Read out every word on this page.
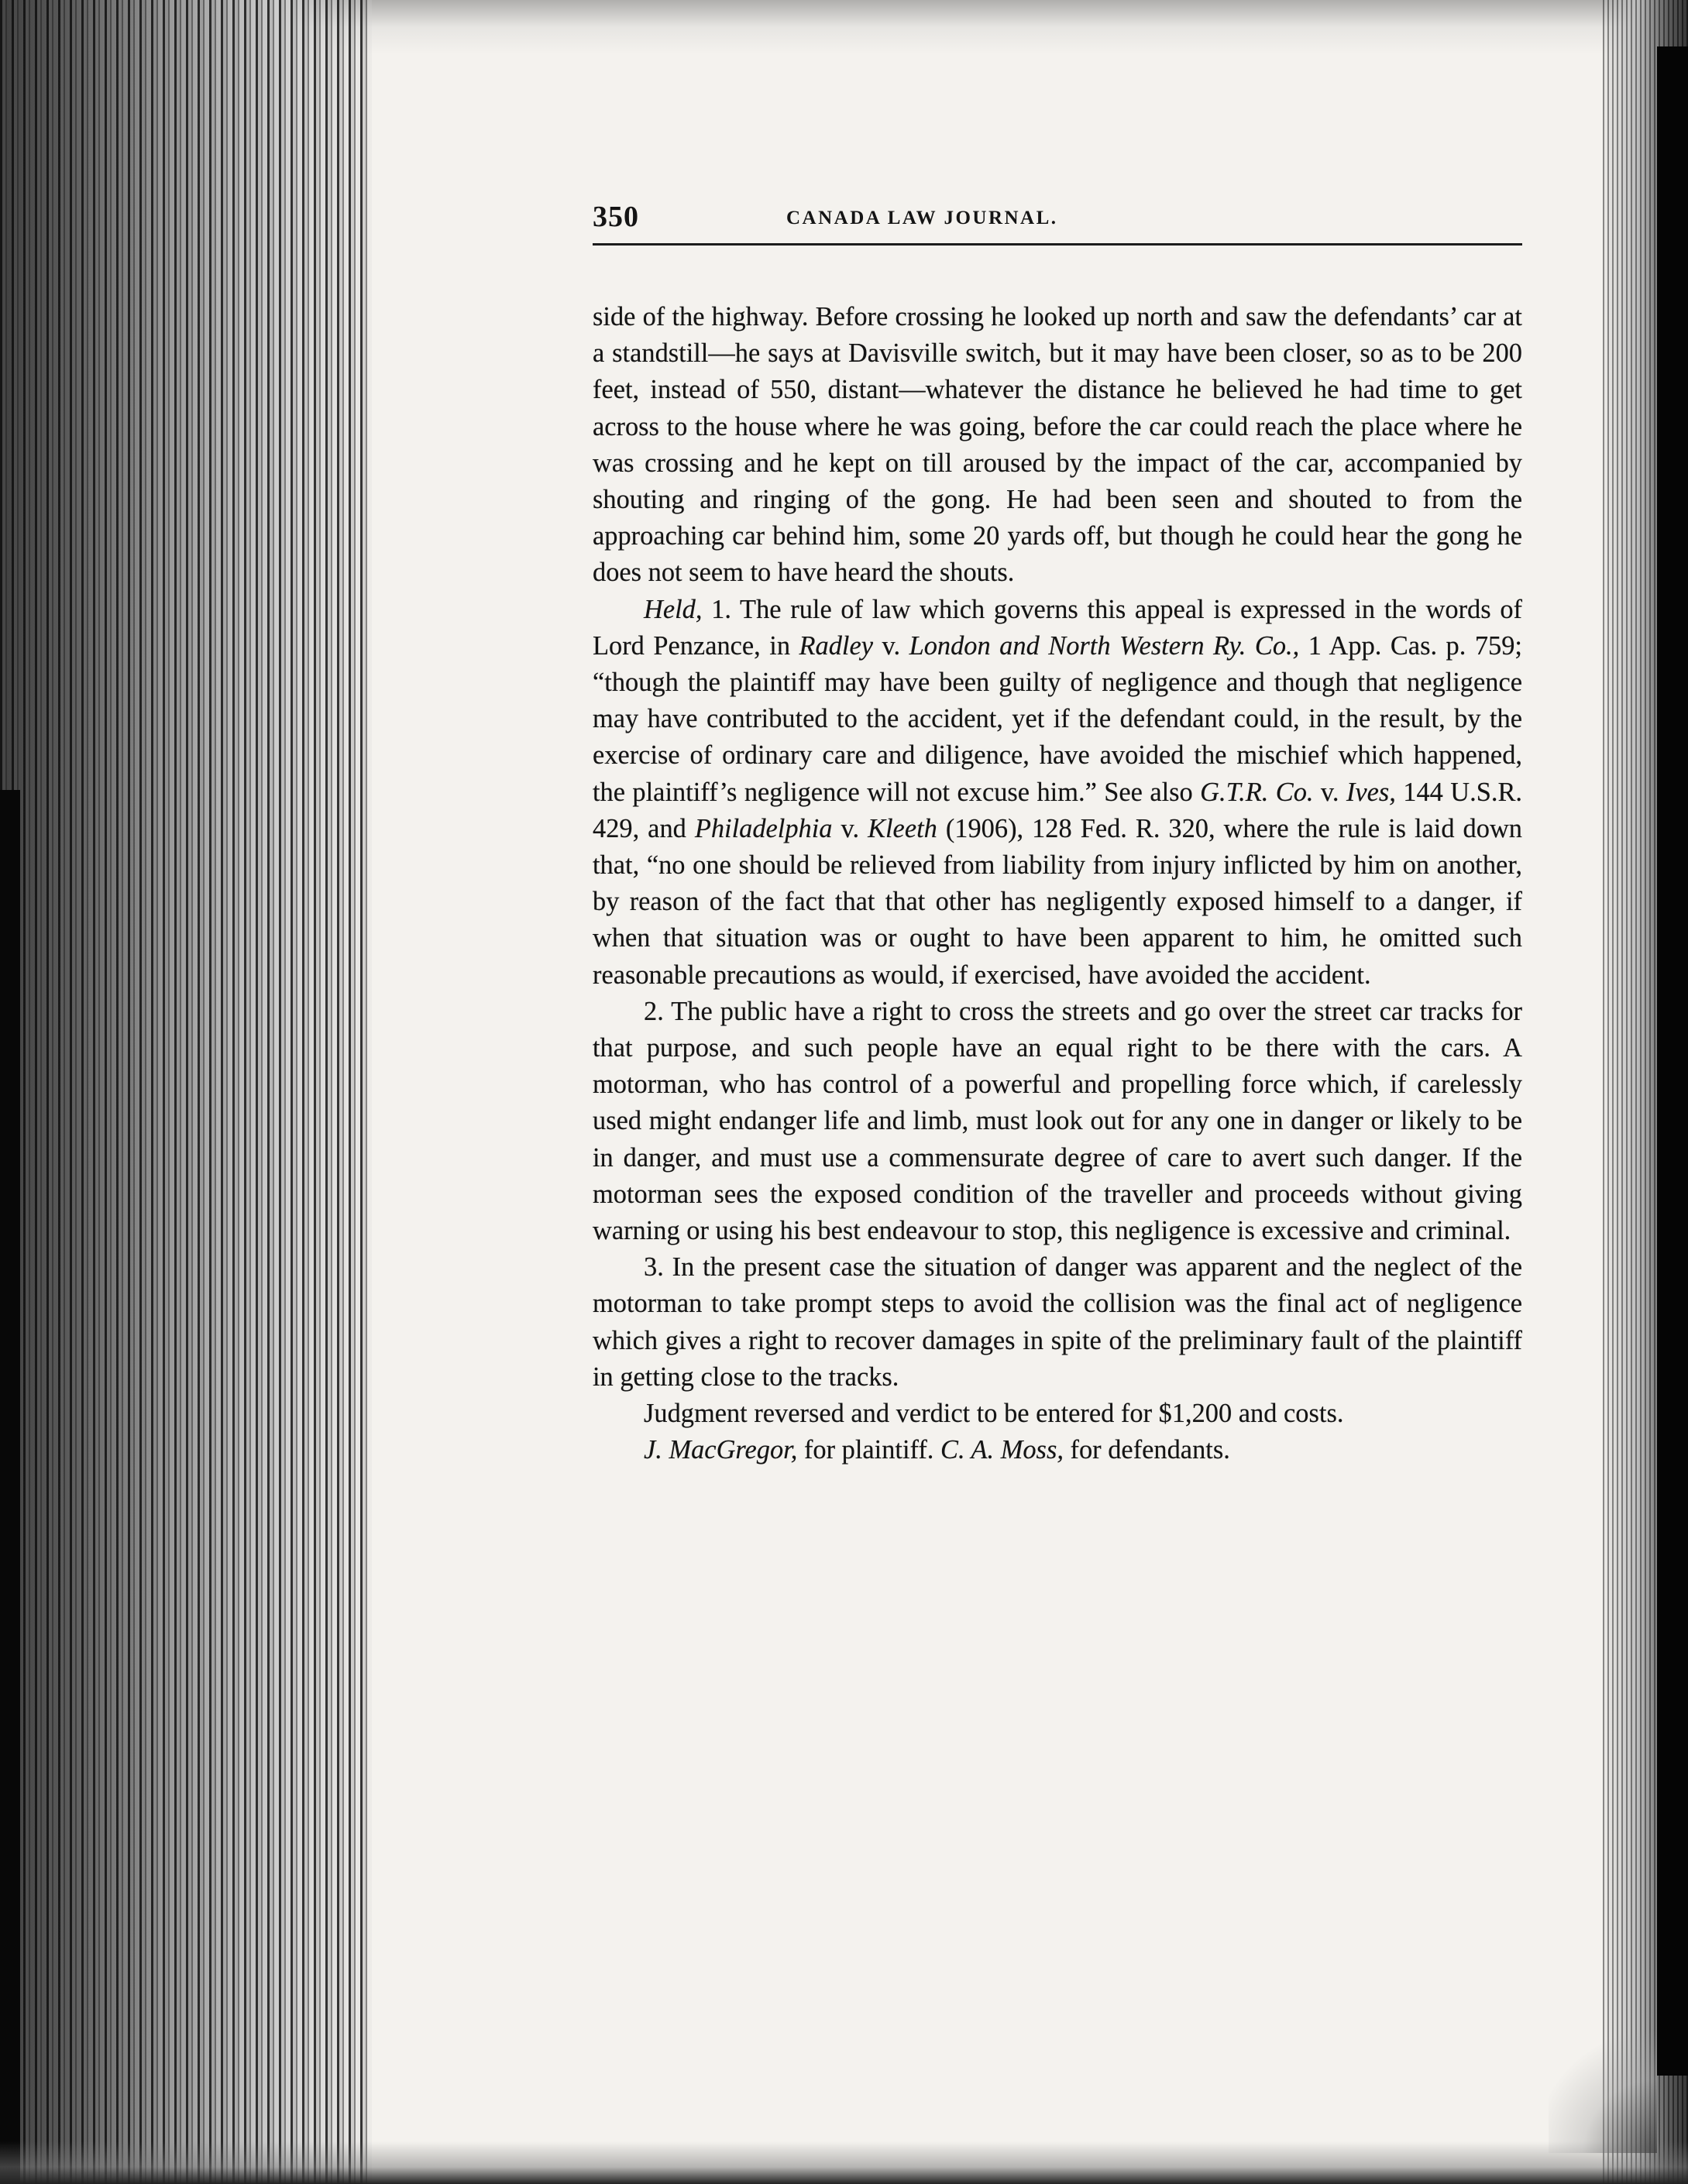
350	CANADA LAW JOURNAL.

side of the highway. Before crossing he looked up north and saw the defendants’ car at a standstill—he says at Davisville switch, but it may have been closer, so as to be 200 feet, instead of 550, distant—whatever the distance he believed he had time to get across to the house where he was going, before the car could reach the place where he was crossing and he kept on till aroused by the impact of the car, accompanied by shouting and ringing of the gong. He had been seen and shouted to from the approaching car behind him, some 20 yards off, but though he could hear the gong he does not seem to have heard the shouts.

Held, 1. The rule of law which governs this appeal is expressed in the words of Lord Penzance, in Radley v. London and North Western Ry. Co., 1 App. Cas. p. 759; “though the plaintiff may have been guilty of negligence and though that negligence may have contributed to the accident, yet if the defendant could, in the result, by the exercise of ordinary care and diligence, have avoided the mischief which happened, the plaintiff’s negligence will not excuse him.” See also G.T.R. Co. v. Ives, 144 U.S.R. 429, and Philadelphia v. Kleeth (1906), 128 Fed. R. 320, where the rule is laid down that, “no one should be relieved from liability from injury inflicted by him on another, by reason of the fact that that other has negligently exposed himself to a danger, if when that situation was or ought to have been apparent to him, he omitted such reasonable precautions as would, if exercised, have avoided the accident.

2. The public have a right to cross the streets and go over the street car tracks for that purpose, and such people have an equal right to be there with the cars. A motorman, who has control of a powerful and propelling force which, if carelessly used might endanger life and limb, must look out for any one in danger or likely to be in danger, and must use a commensurate degree of care to avert such danger. If the motorman sees the exposed condition of the traveller and proceeds without giving warning or using his best endeavour to stop, this negligence is excessive and criminal.

3. In the present case the situation of danger was apparent and the neglect of the motorman to take prompt steps to avoid the collision was the final act of negligence which gives a right to recover damages in spite of the preliminary fault of the plaintiff in getting close to the tracks.

Judgment reversed and verdict to be entered for $1,200 and costs.

J. MacGregor, for plaintiff. C. A. Moss, for defendants.
